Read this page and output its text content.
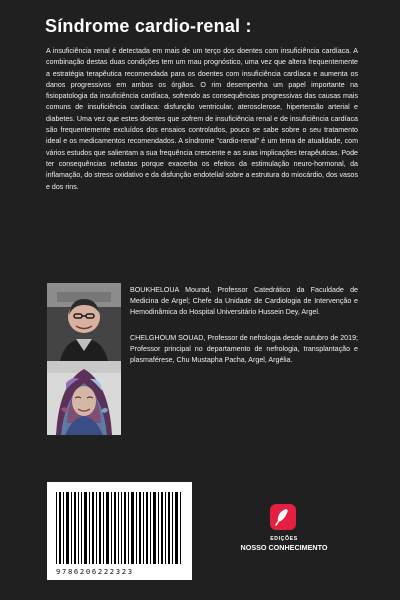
Síndrome cardio-renal :

A insuficiência renal é detectada em mais de um terço dos doentes com insuficiência cardíaca. A combinação destas duas condições tem um mau prognóstico, uma vez que altera frequentemente a estratégia terapêutica recomendada para os doentes com insuficiência cardíaca e aumenta os danos progressivos em ambos os órgãos. O rim desempenha um papel importante na fisiopatologia da insuficiência cardíaca, sofrendo as consequências progressivas das causas mais comuns de insuficiência cardíaca: disfunção ventricular, aterosclerose, hipertensão arterial e diabetes. Uma vez que estes doentes que sofrem de insuficiência renal e de insuficiência cardíaca são frequentemente excluídos dos ensaios controlados, pouco se sabe sobre o seu tratamento ideal e os medicamentos recomendados. A síndrome "cardio-renal" é um tema de atualidade, com vários estudos que salientam a sua frequência crescente e as suas implicações terapêuticas. Pode ter consequências nefastas porque exacerba os efeitos da estimulação neuro-hormonal, da inflamação, do stress oxidativo e da disfunção endotelial sobre a estrutura do miocárdio, dos vasos e dos rins.

BOUKHELOUA Mourad, Professor Catedrático da Faculdade de Medicina de Argel; Chefe da Unidade de Cardiologia de Intervenção e Hemodinâmica do Hospital Universitário Hussein Dey, Argel.

CHELGHOUM SOUAD, Professor de nefrologia desde outubro de 2019; Professor principal no departamento de nefrologia, transplantação e plasmaférese, Chu Mustapha Pacha, Argel, Argélia.

9786206222323

EDIÇÕES

NOSSO CONHECIMENTO
